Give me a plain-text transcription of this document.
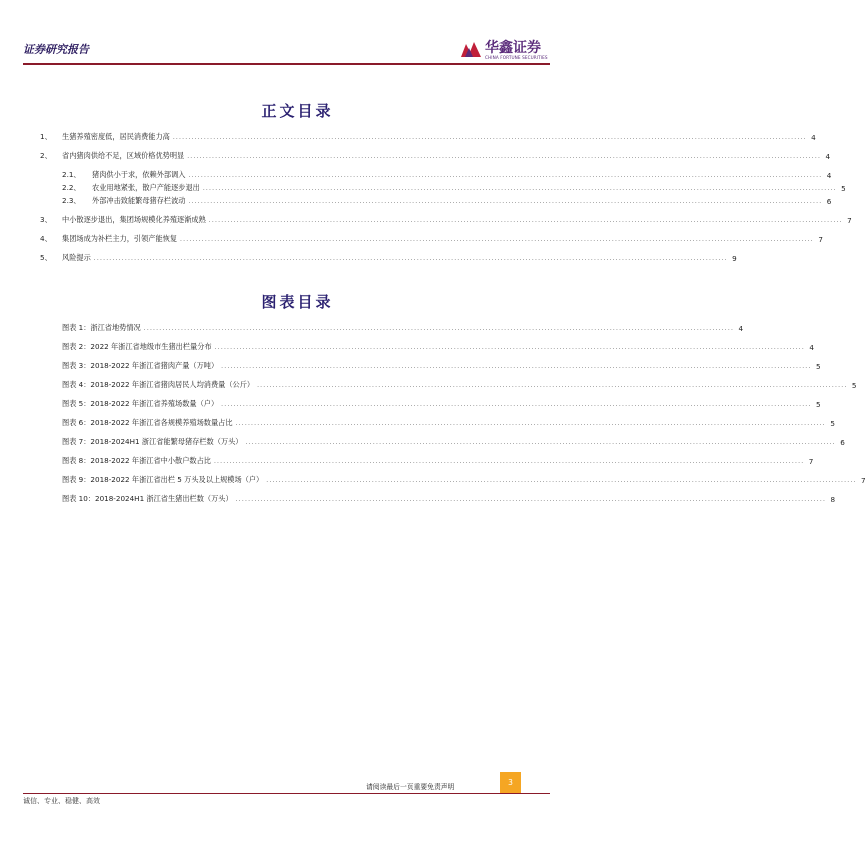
证券研究报告	华鑫证券
CHINA FORTUNE SECURITIES
正文目录
1、	生猪养殖密度低，居民消费能力高 ............................................................................................................................................................................................................ 4
2、	省内猪肉供给不足，区域价格优势明显 ............................................................................................................................................................................................................ 4
2.1、	猪肉供小于求，依赖外部调入 ............................................................................................................................................................................................................ 4
2.2、	农业用地紧张，散户产能逐步退出 ............................................................................................................................................................................................................ 5
2.3、	外部冲击致能繁母猪存栏波动 ............................................................................................................................................................................................................ 6
3、	中小散逐步退出，集团场规模化养殖逐渐成熟 ............................................................................................................................................................................................................ 7
4、	集团场成为补栏主力，引领产能恢复 ............................................................................................................................................................................................................ 7
5、	风险提示 ............................................................................................................................................................................................................ 9
图表目录
图表 1：浙江省地势情况 .............................................................................................................................................................................................. 4
图表 2：2022 年浙江省地级市生猪出栏量分布 .............................................................................................................................................................................................. 4
图表 3：2018-2022 年浙江省猪肉产量（万吨） .............................................................................................................................................................................................. 5
图表 4：2018-2022 年浙江省猪肉居民人均消费量（公斤） .............................................................................................................................................................................................. 5
图表 5：2018-2022 年浙江省养殖场数量（户） .............................................................................................................................................................................................. 5
图表 6：2018-2022 年浙江省各规模养殖场数量占比 .............................................................................................................................................................................................. 5
图表 7：2018-2024H1 浙江省能繁母猪存栏数（万头） .............................................................................................................................................................................................. 6
图表 8：2018-2022 年浙江省中小散户数占比 .............................................................................................................................................................................................. 7
图表 9：2018-2022 年浙江省出栏 5 万头及以上规模场（户） .............................................................................................................................................................................................. 7
图表 10：2018-2024H1 浙江省生猪出栏数（万头） .............................................................................................................................................................................................. 8
请阅读最后一页重要免责声明	3
诚信、专业、稳健、高效
